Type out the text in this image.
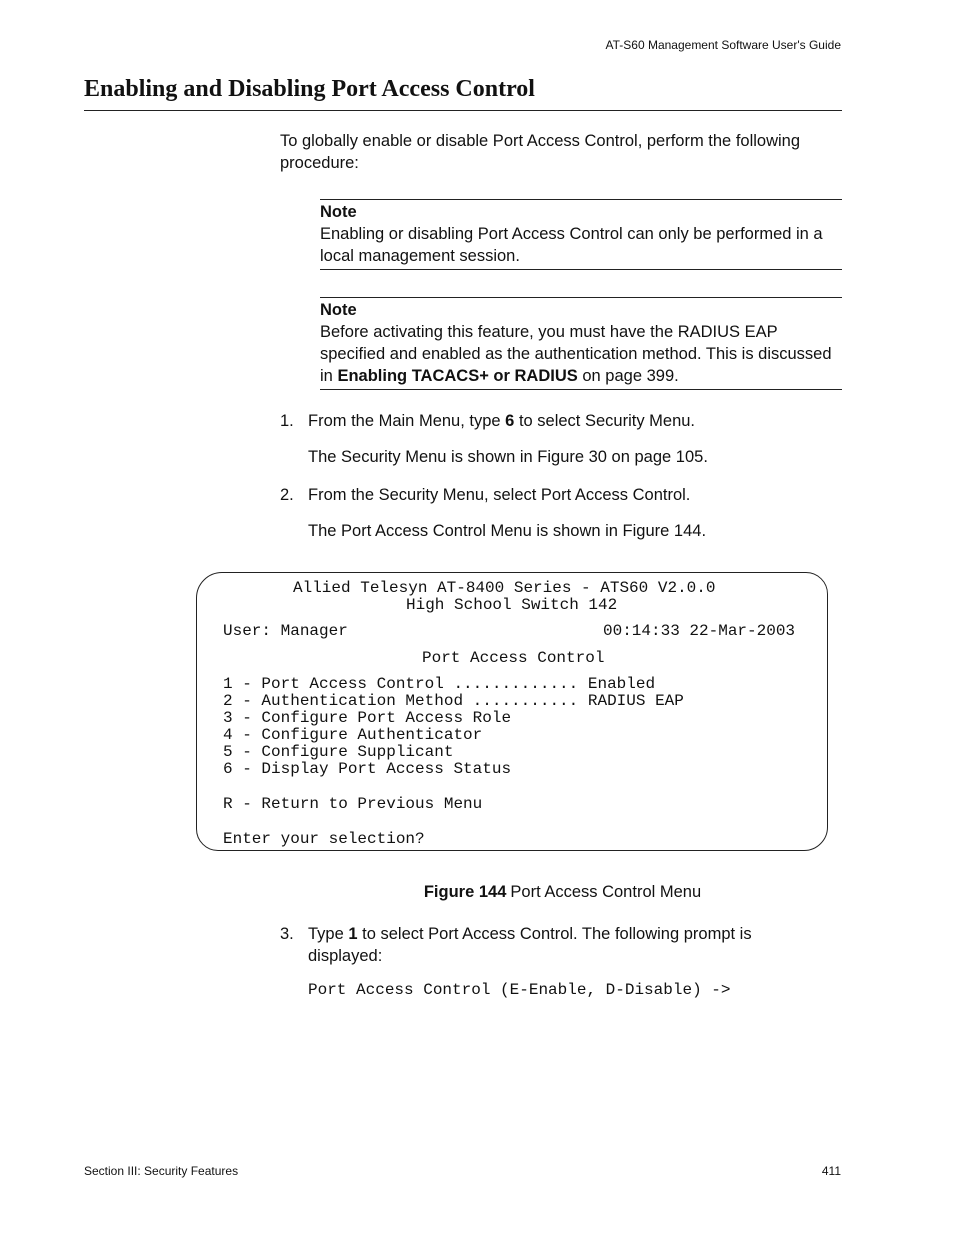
AT-S60 Management Software User's Guide
Enabling and Disabling Port Access Control
To globally enable or disable Port Access Control, perform the following procedure:
Note
Enabling or disabling Port Access Control can only be performed in a local management session.
Note
Before activating this feature, you must have the RADIUS EAP specified and enabled as the authentication method. This is discussed in Enabling TACACS+ or RADIUS on page 399.
1. From the Main Menu, type 6 to select Security Menu.
The Security Menu is shown in Figure 30 on page 105.
2. From the Security Menu, select Port Access Control.
The Port Access Control Menu is shown in Figure 144.
Allied Telesyn AT-8400 Series - ATS60 V2.0.0
High School Switch 142
User: Manager	00:14:33 22-Mar-2003
Port Access Control
1 - Port Access Control ............. Enabled
2 - Authentication Method ........... RADIUS EAP
3 - Configure Port Access Role
4 - Configure Authenticator
5 - Configure Supplicant
6 - Display Port Access Status
R - Return to Previous Menu
Enter your selection?
Figure 144 Port Access Control Menu
3. Type 1 to select Port Access Control. The following prompt is displayed:
Port Access Control (E-Enable, D-Disable) ->
Section III: Security Features	411
